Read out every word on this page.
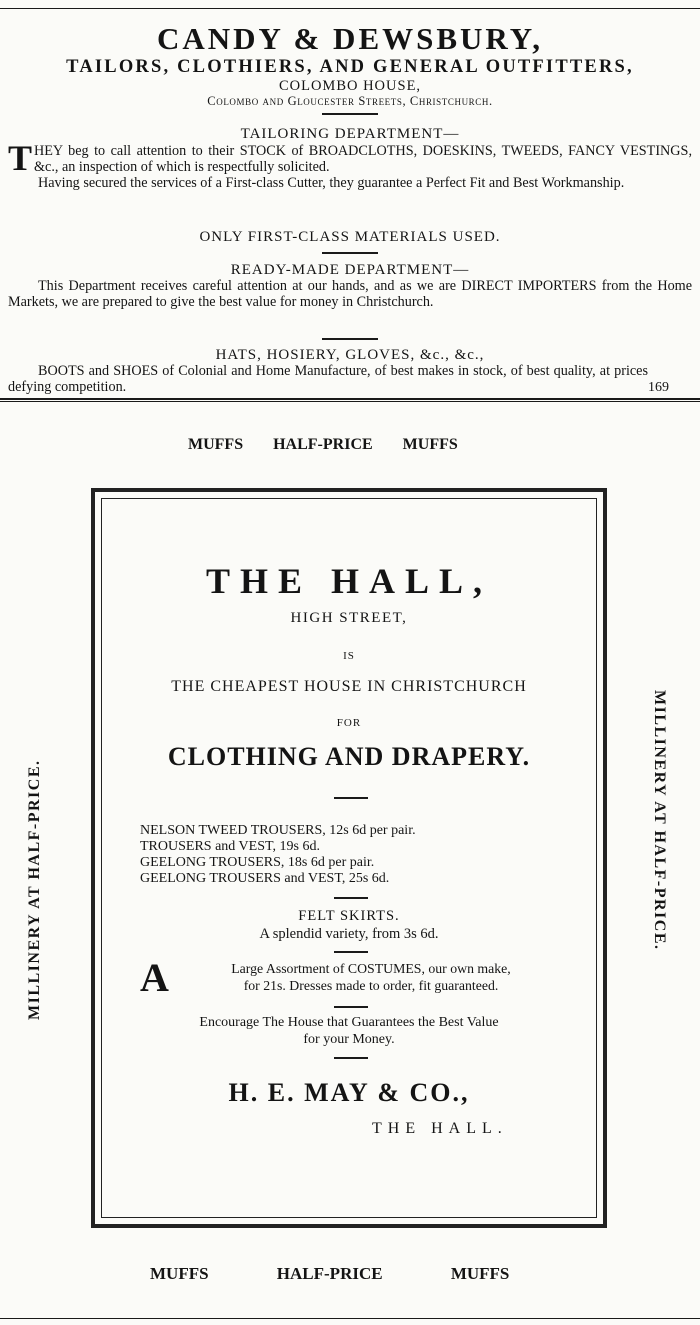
CANDY & DEWSBURY,
TAILORS, CLOTHIERS, AND GENERAL OUTFITTERS,
COLOMBO HOUSE,
Colombo and Gloucester Streets, Christchurch.
TAILORING DEPARTMENT—

THEY beg to call attention to their STOCK of BROADCLOTHS, DOESKINS, TWEEDS, FANCY VESTINGS, &c., an inspection of which is respectfully solicited.

Having secured the services of a First-class Cutter, they guarantee a Perfect Fit and Best Workmanship.

ONLY FIRST-CLASS MATERIALS USED.
READY-MADE DEPARTMENT—

This Department receives careful attention at our hands, and as we are DIRECT IMPORTERS from the Home Markets, we are prepared to give the best value for money in Christchurch.

HATS, HOSIERY, GLOVES, &c., &c.,

BOOTS and SHOES of Colonial and Home Manufacture, of best makes in stock, of best quality, at prices defying competition.	169
MUFFS HALF-PRICE MUFFS
MILLINERY AT HALF-PRICE.	MILLINERY AT HALF-PRICE.
THE HALL,
HIGH STREET,
IS
THE CHEAPEST HOUSE IN CHRISTCHURCH
FOR
CLOTHING AND DRAPERY.
NELSON TWEED TROUSERS, 12s 6d per pair.
TROUSERS and VEST, 19s 6d.
GEELONG TROUSERS, 18s 6d per pair.
GEELONG TROUSERS and VEST, 25s 6d.
FELT SKIRTS.
A splendid variety, from 3s 6d.
A	Large Assortment of COSTUMES, our own make,
for 21s. Dresses made to order, fit guaranteed.
Encourage The House that Guarantees the Best Value
for your Money.
H. E. MAY & CO.,
THE HALL.
MUFFS	HALF-PRICE	MUFFS
